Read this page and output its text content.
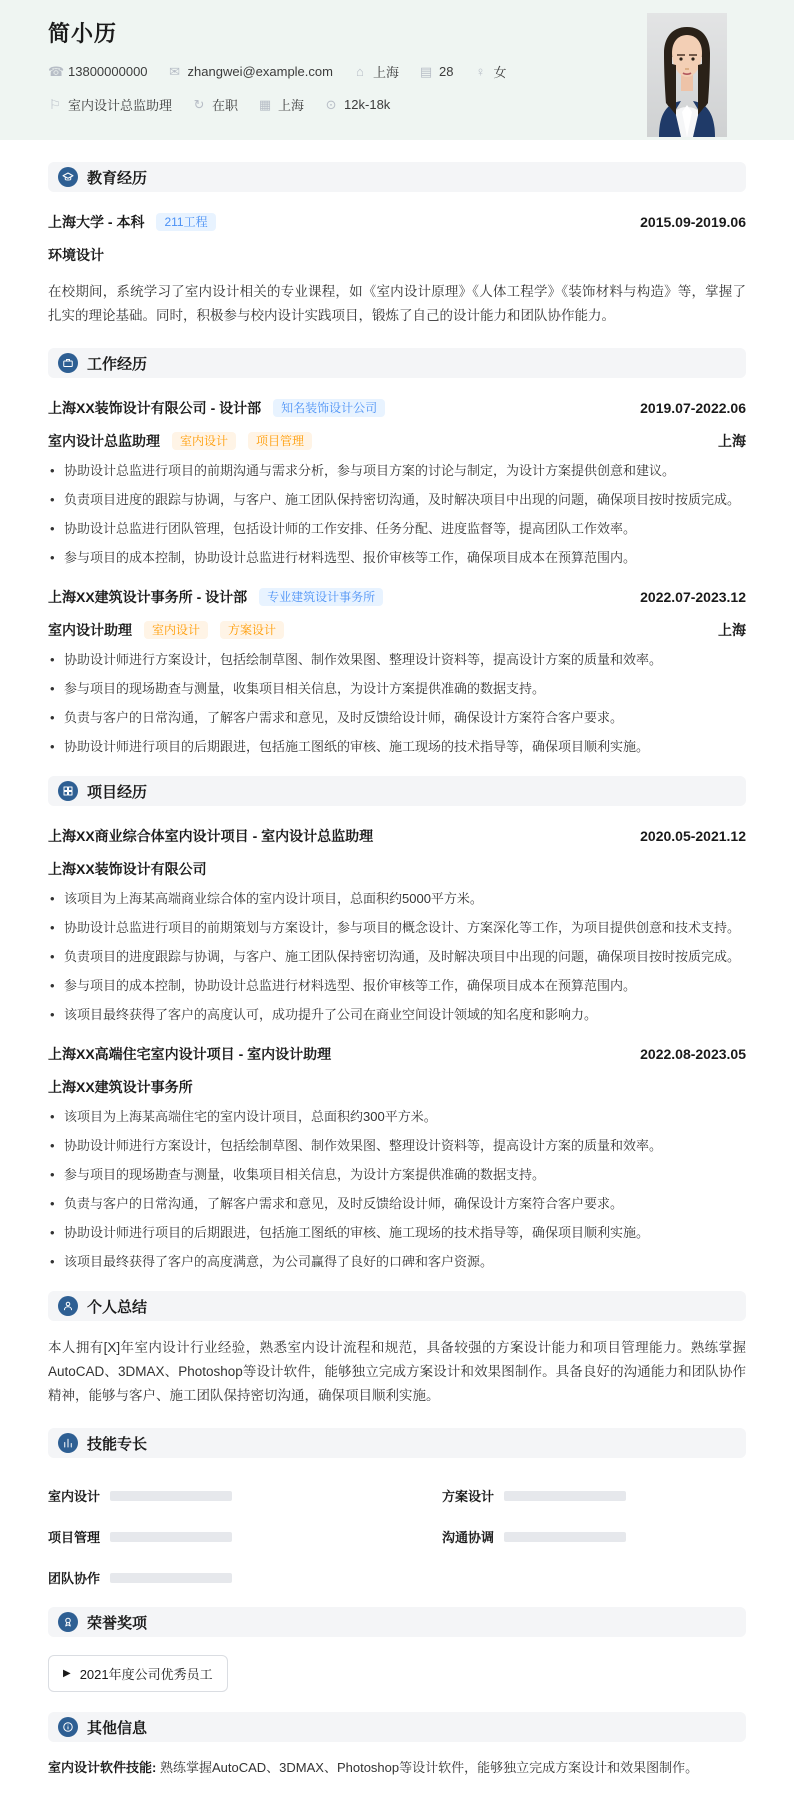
简小历
☎ 13800000000 ✉ zhangwei@example.com ⌂ 上海 ▤ 28 ♀ 女
⚐ 室内设计总监助理 ↻ 在职 ▦ 上海 ⊙ 12k-18k
教育经历
上海大学 - 本科	211工程	2015.09-2019.06
环境设计

在校期间，系统学习了室内设计相关的专业课程，如《室内设计原理》《人体工程学》《装饰材料与构造》等，掌握了扎实的理论基础。同时，积极参与校内设计实践项目，锻炼了自己的设计能力和团队协作能力。

工作经历
上海XX装饰设计有限公司 - 设计部	知名装饰设计公司	2019.07-2022.06
室内设计总监助理	室内设计	项目管理	上海
• 协助设计总监进行项目的前期沟通与需求分析，参与项目方案的讨论与制定，为设计方案提供创意和建议。
• 负责项目进度的跟踪与协调，与客户、施工团队保持密切沟通，及时解决项目中出现的问题，确保项目按时按质完成。
• 协助设计总监进行团队管理，包括设计师的工作安排、任务分配、进度监督等，提高团队工作效率。
• 参与项目的成本控制，协助设计总监进行材料选型、报价审核等工作，确保项目成本在预算范围内。
上海XX建筑设计事务所 - 设计部	专业建筑设计事务所	2022.07-2023.12
室内设计助理	室内设计	方案设计	上海
• 协助设计师进行方案设计，包括绘制草图、制作效果图、整理设计资料等，提高设计方案的质量和效率。
• 参与项目的现场勘查与测量，收集项目相关信息，为设计方案提供准确的数据支持。
• 负责与客户的日常沟通，了解客户需求和意见，及时反馈给设计师，确保设计方案符合客户要求。
• 协助设计师进行项目的后期跟进，包括施工图纸的审核、施工现场的技术指导等，确保项目顺利实施。
项目经历
上海XX商业综合体室内设计项目 - 室内设计总监助理	2020.05-2021.12
上海XX装饰设计有限公司
• 该项目为上海某高端商业综合体的室内设计项目，总面积约5000平方米。
• 协助设计总监进行项目的前期策划与方案设计，参与项目的概念设计、方案深化等工作，为项目提供创意和技术支持。
• 负责项目的进度跟踪与协调，与客户、施工团队保持密切沟通，及时解决项目中出现的问题，确保项目按时按质完成。
• 参与项目的成本控制，协助设计总监进行材料选型、报价审核等工作，确保项目成本在预算范围内。
• 该项目最终获得了客户的高度认可，成功提升了公司在商业空间设计领域的知名度和影响力。
上海XX高端住宅室内设计项目 - 室内设计助理	2022.08-2023.05
上海XX建筑设计事务所
• 该项目为上海某高端住宅的室内设计项目，总面积约300平方米。
• 协助设计师进行方案设计，包括绘制草图、制作效果图、整理设计资料等，提高设计方案的质量和效率。
• 参与项目的现场勘查与测量，收集项目相关信息，为设计方案提供准确的数据支持。
• 负责与客户的日常沟通，了解客户需求和意见，及时反馈给设计师，确保设计方案符合客户要求。
• 协助设计师进行项目的后期跟进，包括施工图纸的审核、施工现场的技术指导等，确保项目顺利实施。
• 该项目最终获得了客户的高度满意，为公司赢得了良好的口碑和客户资源。
个人总结

本人拥有[X]年室内设计行业经验，熟悉室内设计流程和规范，具备较强的方案设计能力和项目管理能力。熟练掌握AutoCAD、3DMAX、Photoshop等设计软件，能够独立完成方案设计和效果图制作。具备良好的沟通能力和团队协作精神，能够与客户、施工团队保持密切沟通，确保项目顺利实施。

技能专长
室内设计	方案设计
项目管理	沟通协调
团队协作
荣誉奖项
▶ 2021年度公司优秀员工
其他信息

室内设计软件技能: 熟练掌握AutoCAD、3DMAX、Photoshop等设计软件，能够独立完成方案设计和效果图制作。
